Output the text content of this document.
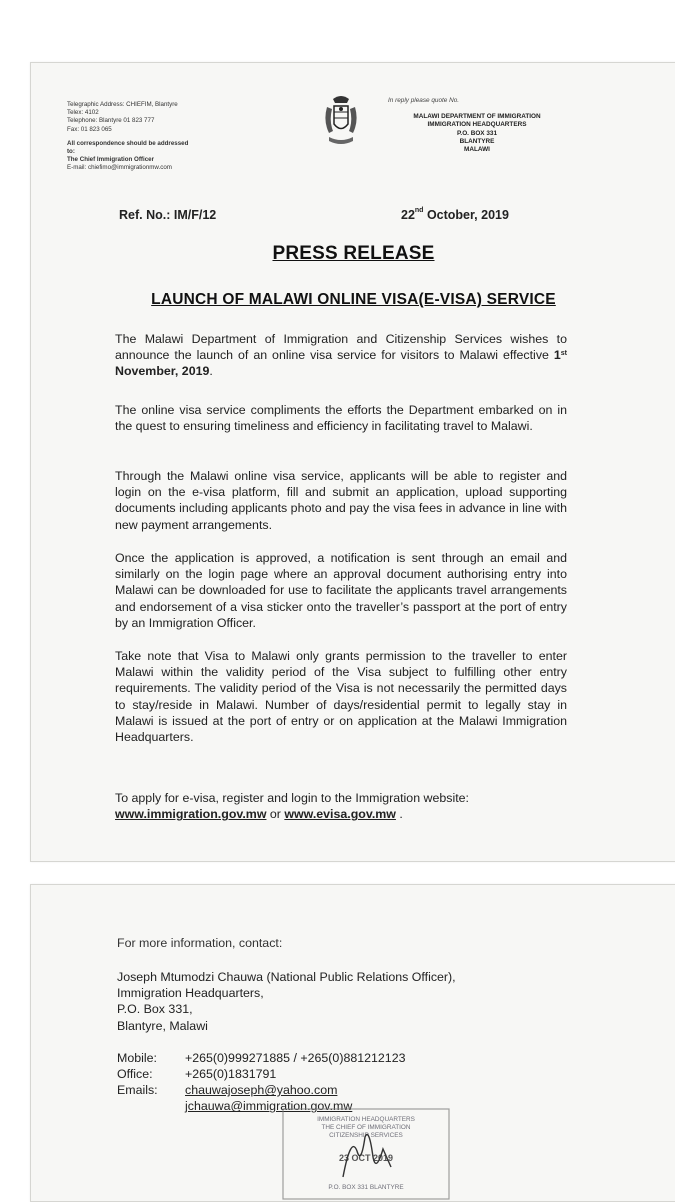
Telegraphic Address: CHIEFIM, Blantyre
Telex: 4102
Telephone: Blantyre 01 823 777
Fax: 01 823 065
All correspondence should be addressed
to:
The Chief Immigration Officer
E-mail: chiefimo@immigrationmw.com
In reply please quote No.
MALAWI DEPARTMENT OF IMMIGRATION
IMMIGRATION HEADQUARTERS
P.O. BOX 331
BLANTYRE
MALAWI
Ref. No.: IM/F/12	22nd October, 2019
PRESS RELEASE
LAUNCH OF MALAWI ONLINE VISA(E-VISA) SERVICE
The Malawi Department of Immigration and Citizenship Services wishes to announce the launch of an online visa service for visitors to Malawi effective 1st November, 2019.
The online visa service compliments the efforts the Department embarked on in the quest to ensuring timeliness and efficiency in facilitating travel to Malawi.
Through the Malawi online visa service, applicants will be able to register and login on the e-visa platform, fill and submit an application, upload supporting documents including applicants photo and pay the visa fees in advance in line with new payment arrangements.
Once the application is approved, a notification is sent through an email and similarly on the login page where an approval document authorising entry into Malawi can be downloaded for use to facilitate the applicants travel arrangements and endorsement of a visa sticker onto the traveller’s passport at the port of entry by an Immigration Officer.
Take note that Visa to Malawi only grants permission to the traveller to enter Malawi within the validity period of the Visa subject to fulfilling other entry requirements. The validity period of the Visa is not necessarily the permitted days to stay/reside in Malawi. Number of days/residential permit to legally stay in Malawi is issued at the port of entry or on application at the Malawi Immigration Headquarters.
To apply for e-visa, register and login to the Immigration website:
www.immigration.gov.mw or www.evisa.gov.mw .
For more information, contact:
Joseph Mtumodzi Chauwa (National Public Relations Officer),
Immigration Headquarters,
P.O. Box 331,
Blantyre, Malawi
Mobile:	+265(0)999271885 / +265(0)881212123
Office:	+265(0)1831791
Emails:	chauwajoseph@yahoo.com
jchauwa@immigration.gov.mw
IMMIGRATION HEADQUARTERS
THE CHIEF OF IMMIGRATION
CITIZENSHIP SERVICES
23 OCT 2019
P.O. BOX 331 BLANTYRE
